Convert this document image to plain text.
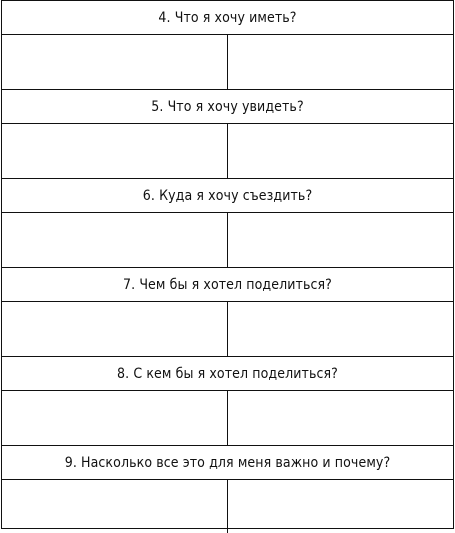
4. Что я хочу иметь?
5. Что я хочу увидеть?
6. Куда я хочу съездить?
7. Чем бы я хотел поделиться?
8. С кем бы я хотел поделиться?
9. Насколько все это для меня важно и почему?
